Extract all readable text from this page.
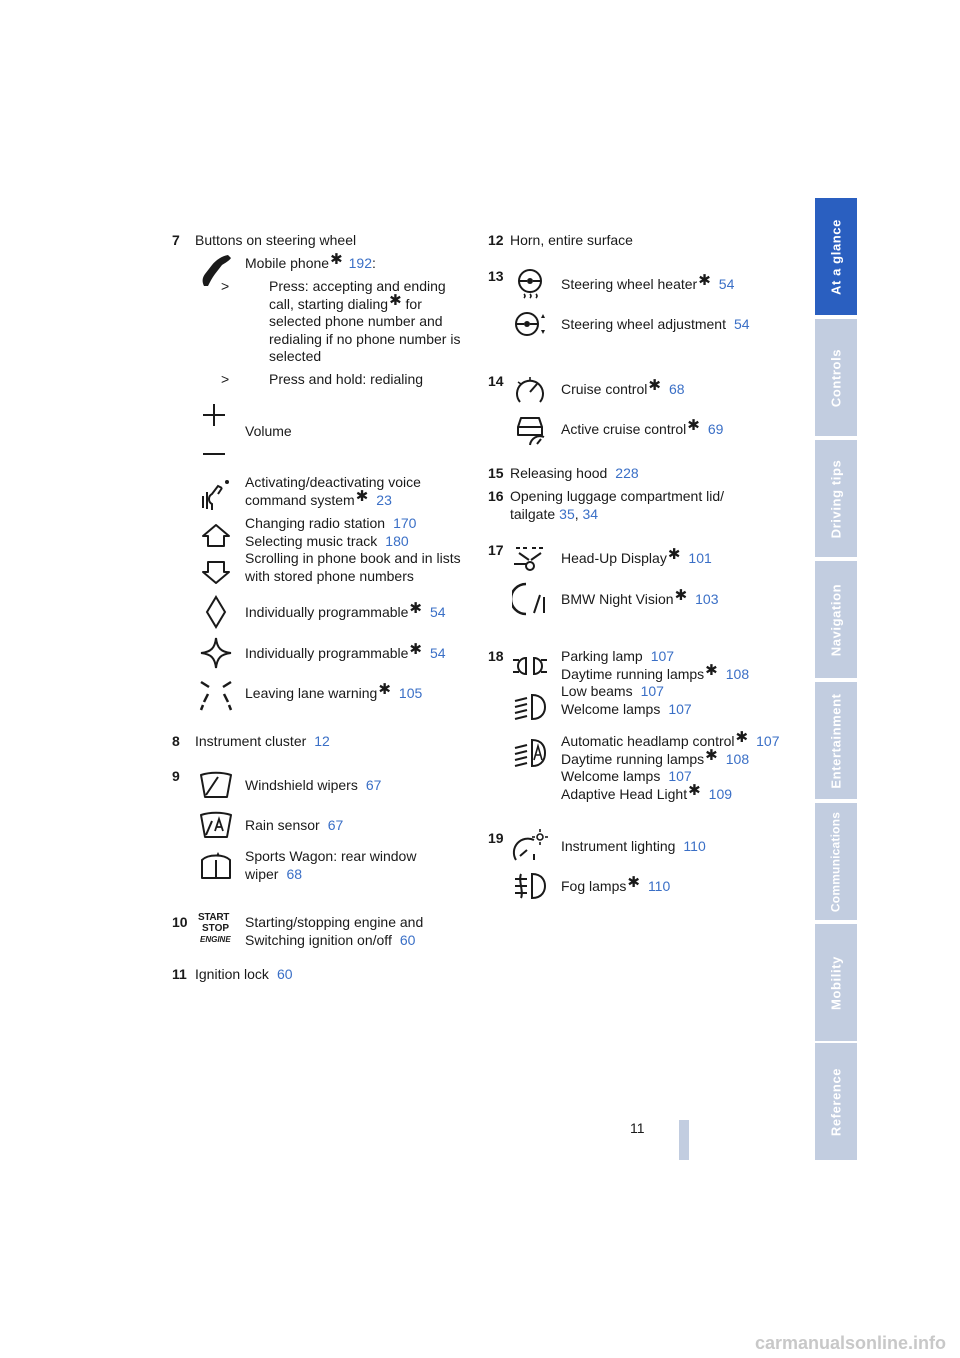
7 Buttons on steering wheel
Mobile phone✱ 192:
>	Press: accepting and ending call, starting dialing✱ for selected phone number and redialing if no phone number is selected
>	Press and hold: redialing
Volume
Activating/deactivating voice
command system✱ 23
Changing radio station 170
Selecting music track 180
Scrolling in phone book and in lists
with stored phone numbers
Individually programmable✱ 54
Individually programmable✱ 54
Leaving lane warning✱ 105
8 Instrument cluster 12
9
Windshield wipers 67
Rain sensor 67
Sports Wagon: rear window
wiper 68
10 START
STOP
ENGINE
Starting/stopping engine and
Switching ignition on/off 60
11 Ignition lock 60
12 Horn, entire surface
13	Steering wheel heater✱ 54
Steering wheel adjustment 54
14	Cruise control✱ 68
Active cruise control✱ 69
15 Releasing hood 228
16 Opening luggage compartment lid/
tailgate 35, 34
17	Head-Up Display✱ 101
BMW Night Vision✱ 103
18	Parking lamp 107
Daytime running lamps✱ 108
Low beams 107
Welcome lamps 107
Automatic headlamp control✱ 107
Daytime running lamps✱ 108
Welcome lamps 107
Adaptive Head Light✱ 109
19	Instrument lighting 110
Fog lamps✱ 110
At a glance
Controls
Driving tips
Navigation
Entertainment
Communications
Mobility
Reference
11
carmanualsonline.info
